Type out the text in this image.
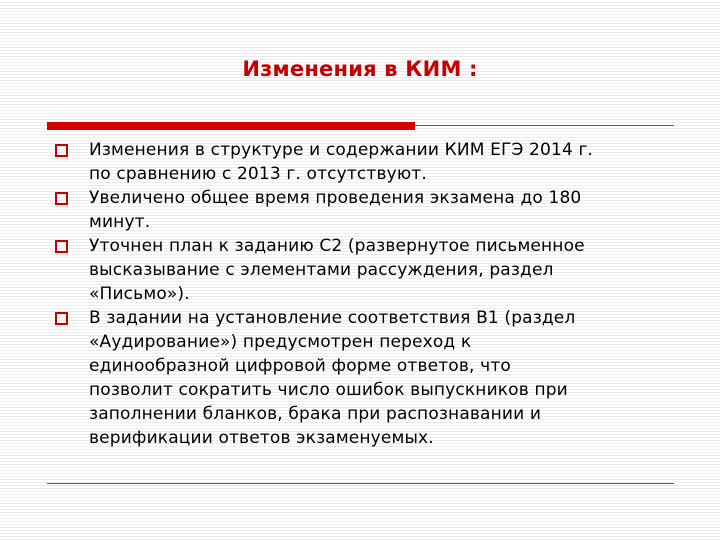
Изменения в КИМ :
Изменения в структуре и содержании КИМ ЕГЭ 2014 г.
по сравнению с 2013 г. отсутствуют.
Увеличено общее время проведения экзамена до 180
минут.
Уточнен план к заданию С2 (развернутое письменное
высказывание с элементами рассуждения, раздел
«Письмо»).
В задании на установление соответствия В1 (раздел
«Аудирование») предусмотрен переход к
единообразной цифровой форме ответов, что
позволит сократить число ошибок выпускников при
заполнении бланков, брака при распознавании и
верификации ответов экзаменуемых.
